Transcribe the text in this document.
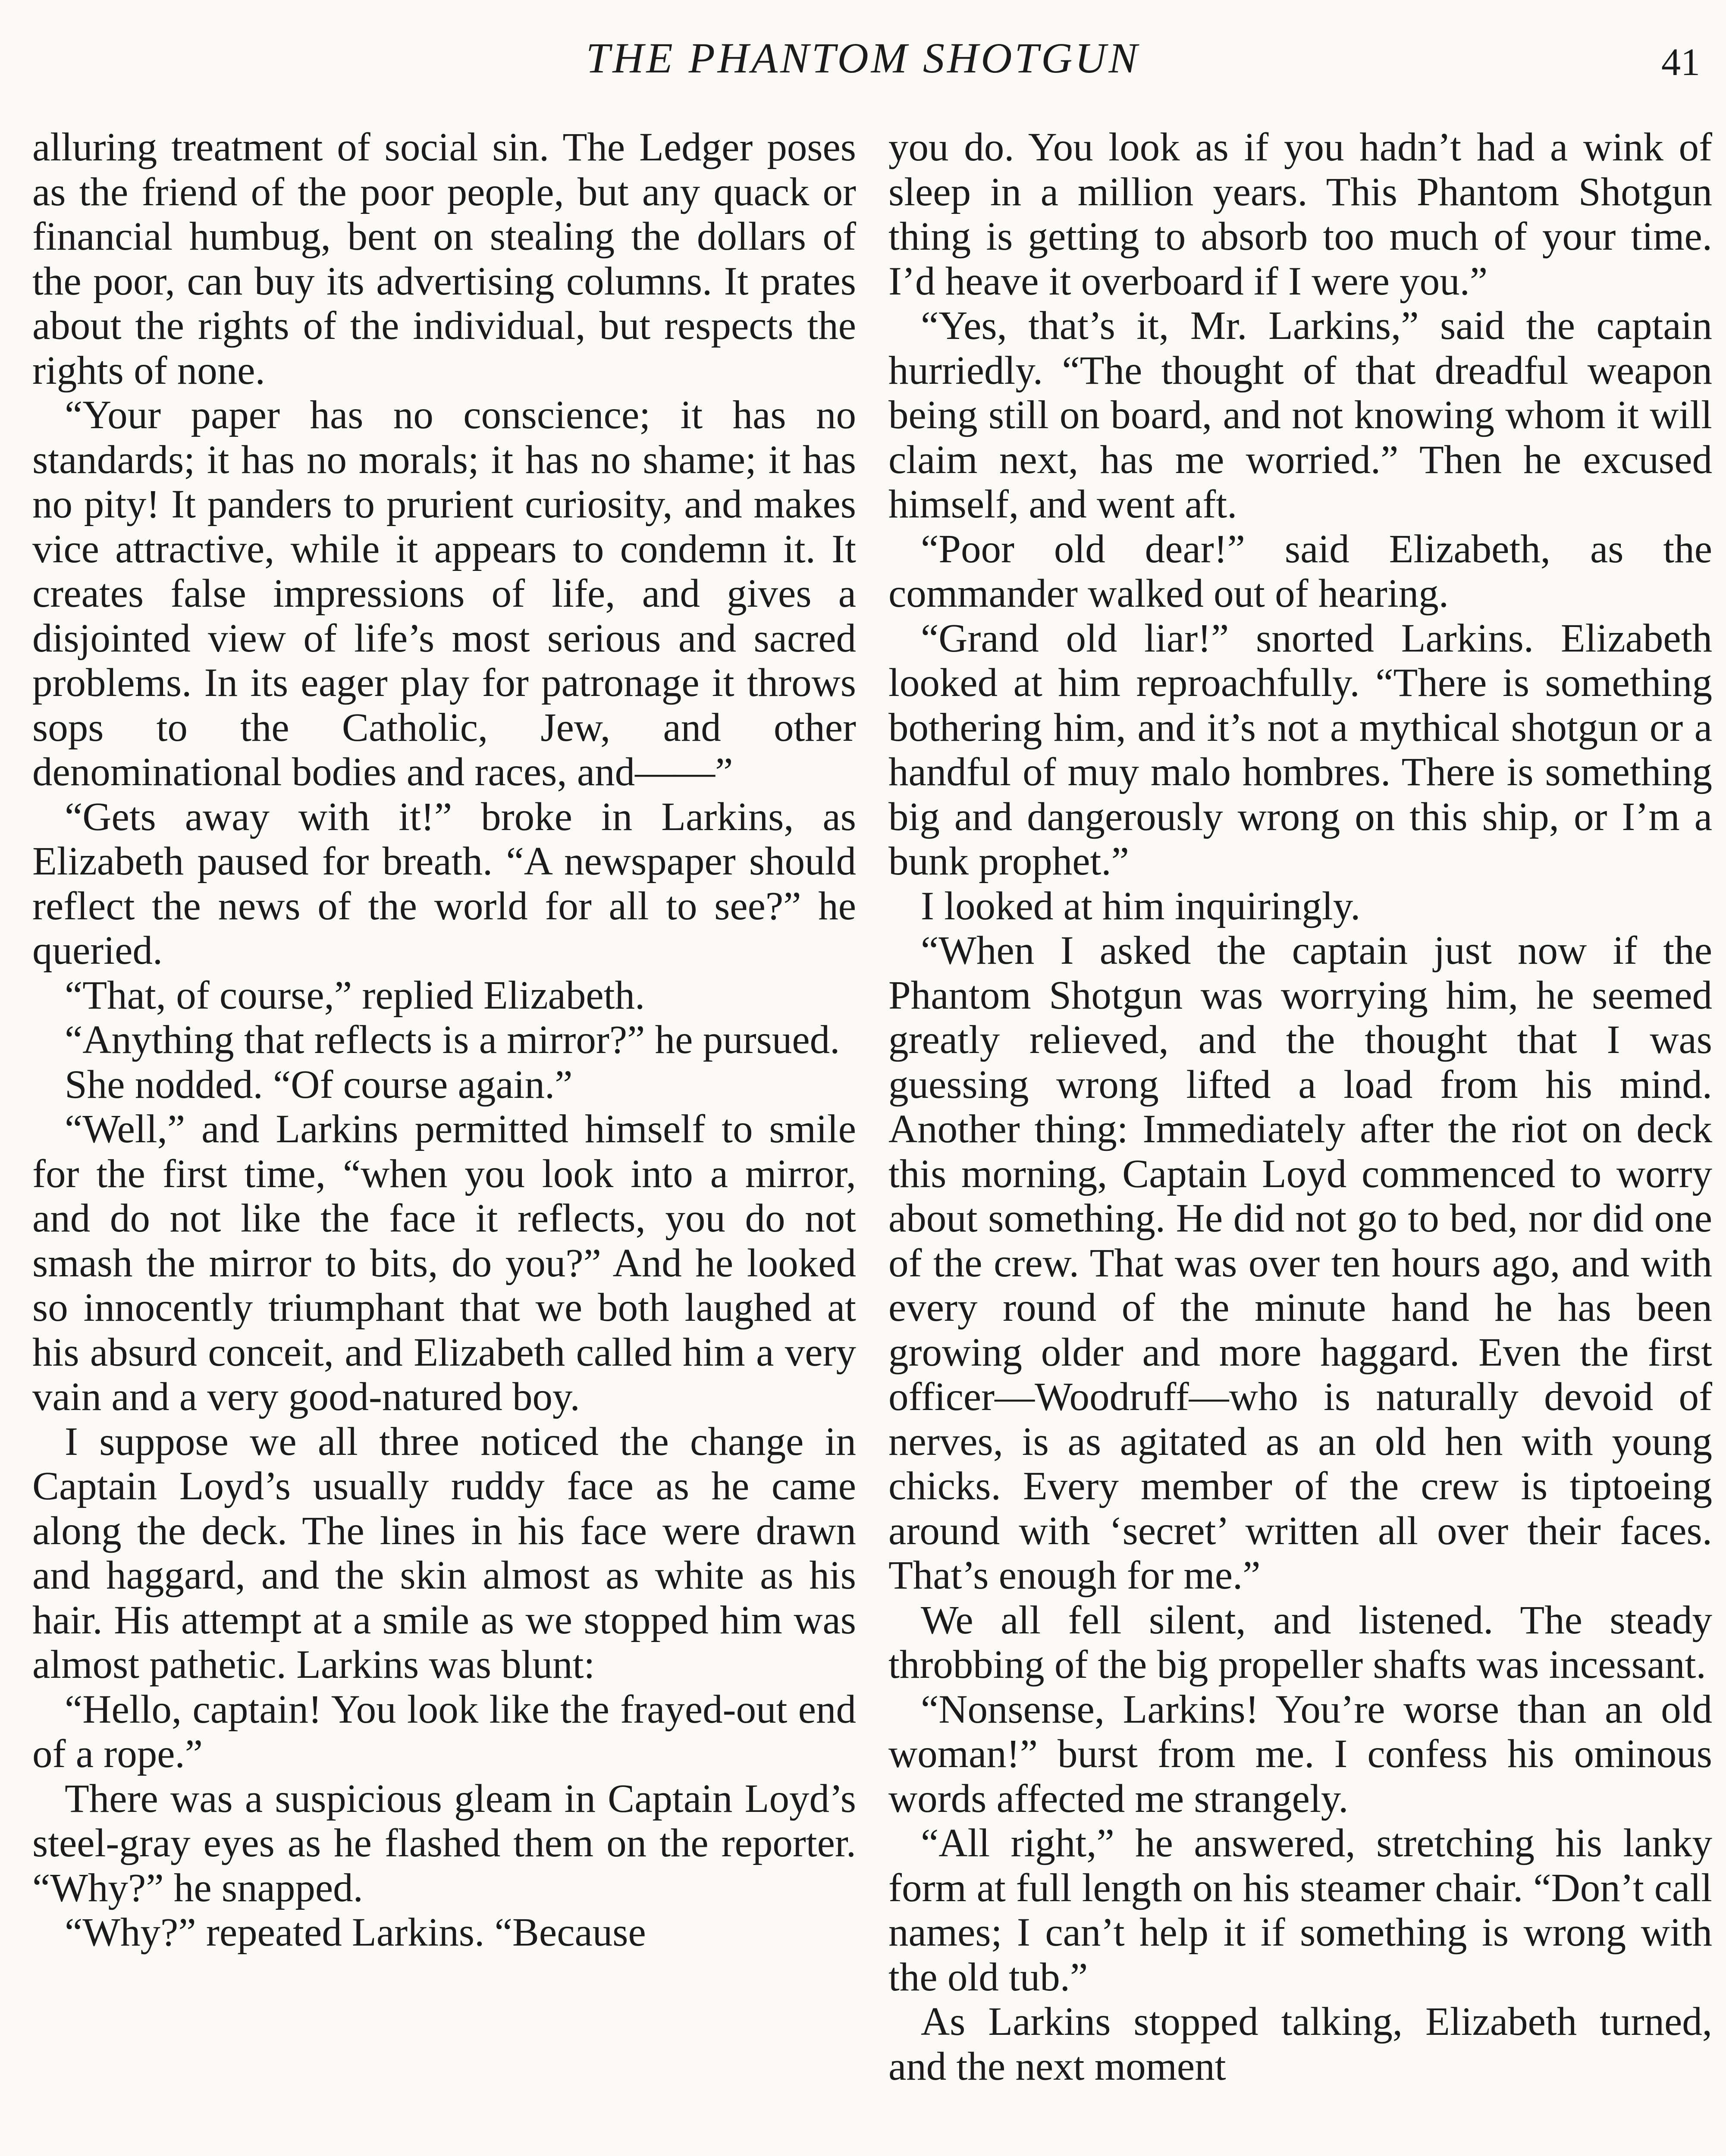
THE PHANTOM SHOTGUN	41

alluring treatment of social sin. The Ledger poses as the friend of the poor people, but any quack or financial humbug, bent on stealing the dollars of the poor, can buy its advertising columns. It prates about the rights of the individual, but respects the rights of none.

“Your paper has no conscience; it has no standards; it has no morals; it has no shame; it has no pity! It panders to prurient curiosity, and makes vice attractive, while it appears to condemn it. It creates false impressions of life, and gives a disjointed view of life’s most serious and sacred problems. In its eager play for patronage it throws sops to the Catholic, Jew, and other denominational bodies and races, and——”

“Gets away with it!” broke in Larkins, as Elizabeth paused for breath. “A newspaper should reflect the news of the world for all to see?” he queried.

“That, of course,” replied Elizabeth.

“Anything that reflects is a mirror?” he pursued.

She nodded. “Of course again.”

“Well,” and Larkins permitted himself to smile for the first time, “when you look into a mirror, and do not like the face it reflects, you do not smash the mirror to bits, do you?” And he looked so innocently triumphant that we both laughed at his absurd conceit, and Elizabeth called him a very vain and a very good-natured boy.

I suppose we all three noticed the change in Captain Loyd’s usually ruddy face as he came along the deck. The lines in his face were drawn and haggard, and the skin almost as white as his hair. His attempt at a smile as we stopped him was almost pathetic. Larkins was blunt:

“Hello, captain! You look like the frayed-out end of a rope.”

There was a suspicious gleam in Captain Loyd’s steel-gray eyes as he flashed them on the reporter. “Why?” he snapped.

“Why?” repeated Larkins. “Because

you do. You look as if you hadn’t had a wink of sleep in a million years. This Phantom Shotgun thing is getting to absorb too much of your time. I’d heave it overboard if I were you.”

“Yes, that’s it, Mr. Larkins,” said the captain hurriedly. “The thought of that dreadful weapon being still on board, and not knowing whom it will claim next, has me worried.” Then he excused himself, and went aft.

“Poor old dear!” said Elizabeth, as the commander walked out of hearing.

“Grand old liar!” snorted Larkins. Elizabeth looked at him reproachfully. “There is something bothering him, and it’s not a mythical shotgun or a handful of muy malo hombres. There is something big and dangerously wrong on this ship, or I’m a bunk prophet.”

I looked at him inquiringly.

“When I asked the captain just now if the Phantom Shotgun was worrying him, he seemed greatly relieved, and the thought that I was guessing wrong lifted a load from his mind. Another thing: Immediately after the riot on deck this morning, Captain Loyd commenced to worry about something. He did not go to bed, nor did one of the crew. That was over ten hours ago, and with every round of the minute hand he has been growing older and more haggard. Even the first officer—Woodruff—who is naturally devoid of nerves, is as agitated as an old hen with young chicks. Every member of the crew is tiptoeing around with ‘secret’ written all over their faces. That’s enough for me.”

We all fell silent, and listened. The steady throbbing of the big propeller shafts was incessant.

“Nonsense, Larkins! You’re worse than an old woman!” burst from me. I confess his ominous words affected me strangely.

“All right,” he answered, stretching his lanky form at full length on his steamer chair. “Don’t call names; I can’t help it if something is wrong with the old tub.”

As Larkins stopped talking, Elizabeth turned, and the next moment
